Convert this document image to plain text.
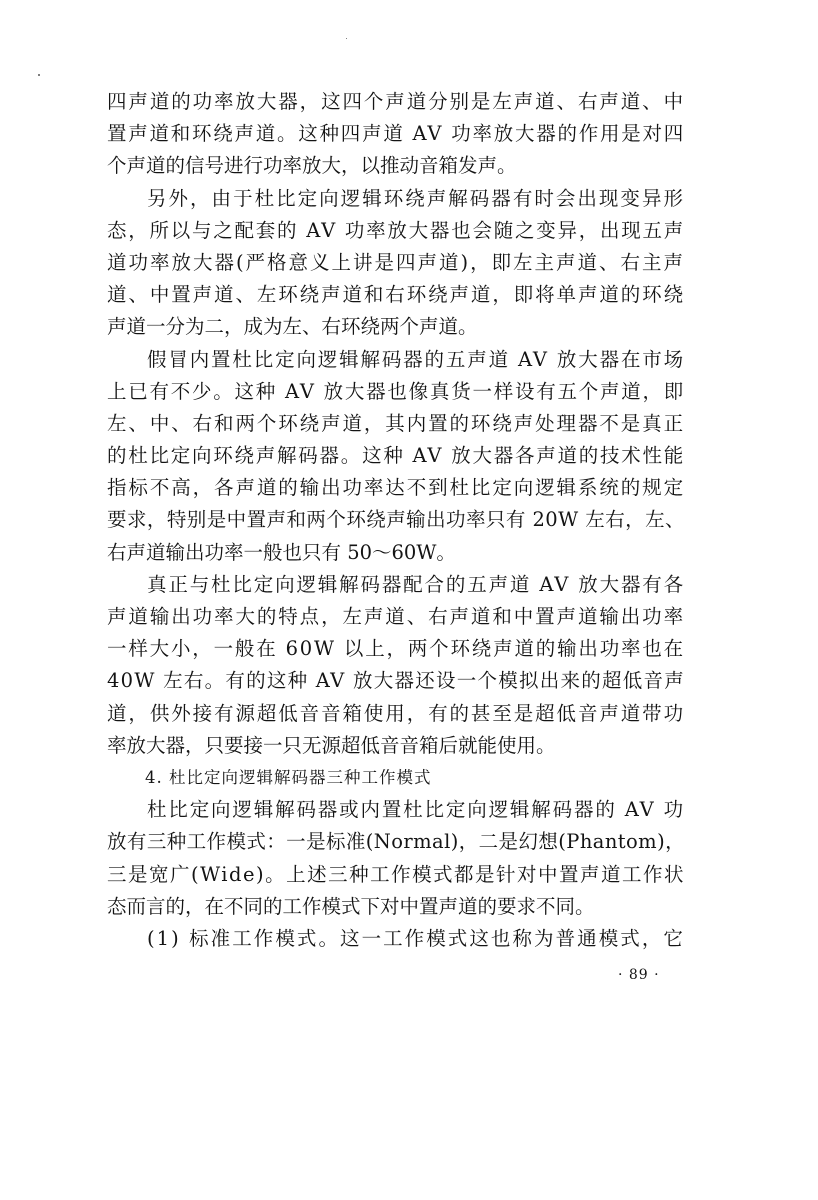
四声道的功率放大器，这四个声道分别是左声道、右声道、中
置声道和环绕声道。这种四声道 AV 功率放大器的作用是对四
个声道的信号进行功率放大，以推动音箱发声。
另外，由于杜比定向逻辑环绕声解码器有时会出现变异形
态，所以与之配套的 AV 功率放大器也会随之变异，出现五声
道功率放大器(严格意义上讲是四声道)，即左主声道、右主声
道、中置声道、左环绕声道和右环绕声道，即将单声道的环绕
声道一分为二，成为左、右环绕两个声道。
假冒内置杜比定向逻辑解码器的五声道 AV 放大器在市场
上已有不少。这种 AV 放大器也像真货一样设有五个声道，即
左、中、右和两个环绕声道，其内置的环绕声处理器不是真正
的杜比定向环绕声解码器。这种 AV 放大器各声道的技术性能
指标不高，各声道的输出功率达不到杜比定向逻辑系统的规定
要求，特别是中置声和两个环绕声输出功率只有 20W 左右，左、
右声道输出功率一般也只有 50～60W。
真正与杜比定向逻辑解码器配合的五声道 AV 放大器有各
声道输出功率大的特点，左声道、右声道和中置声道输出功率
一样大小，一般在 60W 以上，两个环绕声道的输出功率也在
40W 左右。有的这种 AV 放大器还设一个模拟出来的超低音声
道，供外接有源超低音音箱使用，有的甚至是超低音声道带功
率放大器，只要接一只无源超低音音箱后就能使用。
4. 杜比定向逻辑解码器三种工作模式
杜比定向逻辑解码器或内置杜比定向逻辑解码器的 AV 功
放有三种工作模式：一是标准(Normal)，二是幻想(Phantom)，
三是宽广(Wide)。上述三种工作模式都是针对中置声道工作状
态而言的，在不同的工作模式下对中置声道的要求不同。
(1) 标准工作模式。这一工作模式这也称为普通模式，它
· 89 ·
